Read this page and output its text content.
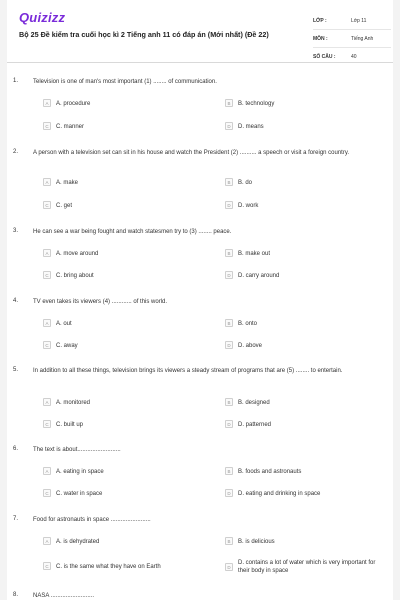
Quizizz
Bộ 25 Đề kiểm tra cuối học kì 2 Tiếng anh 11 có đáp án (Mới nhất) (Đề 22)
LỚP :	Lớp 11
MÔN :	Tiếng Anh
SỐ CÂU :	40
1. Television is one of man's most important (1) ........ of communication.
A	A. procedure	B	B. technology
C	C. manner	D	D. means
2. A person with a television set can sit in his house and watch the President (2) .......... a speech or visit a foreign country.
A	A. make	B	B. do
C	C. get	D	D. work
3. He can see a war being fought and watch statesmen try to (3) ........ peace.
A	A. move around	B	B. make out
C	C. bring about	D	D. carry around
4. TV even takes its viewers (4) ............ of this world.
A	A. out	B	B. onto
C	C. away	D	D. above
5. In addition to all these things, television brings its viewers a steady stream of programs that are (5) ........ to entertain.
A	A. monitored	B	B. designed
C	C. built up	D	D. patterned
6. The text is about..........................
A	A. eating in space	B	B. foods and astronauts
C	C. water in space	D	D. eating and drinking in space
7. Food for astronauts in space ........................
A	A. is dehydrated	B	B. is delicious
C	C. is the same what they have on Earth	D
D. contains a lot of water which is very important for their body in space
8. NASA ..........................
